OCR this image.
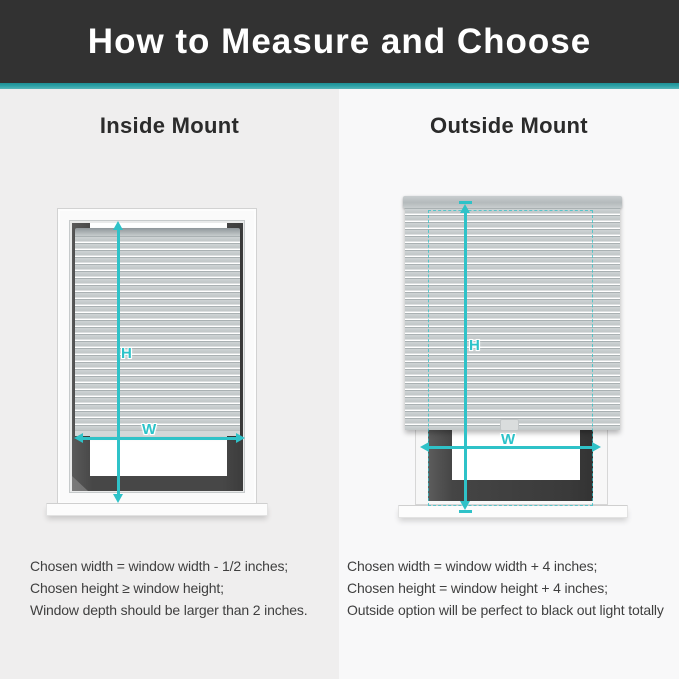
How to Measure and Choose
Inside Mount
H
W
Chosen width = window width - 1/2 inches;
Chosen height ≥ window height;
Window depth should be larger than 2 inches.
Outside Mount
H
W
Chosen width = window width + 4 inches;
Chosen height = window height + 4 inches;
Outside option will be perfect to black out light totally
